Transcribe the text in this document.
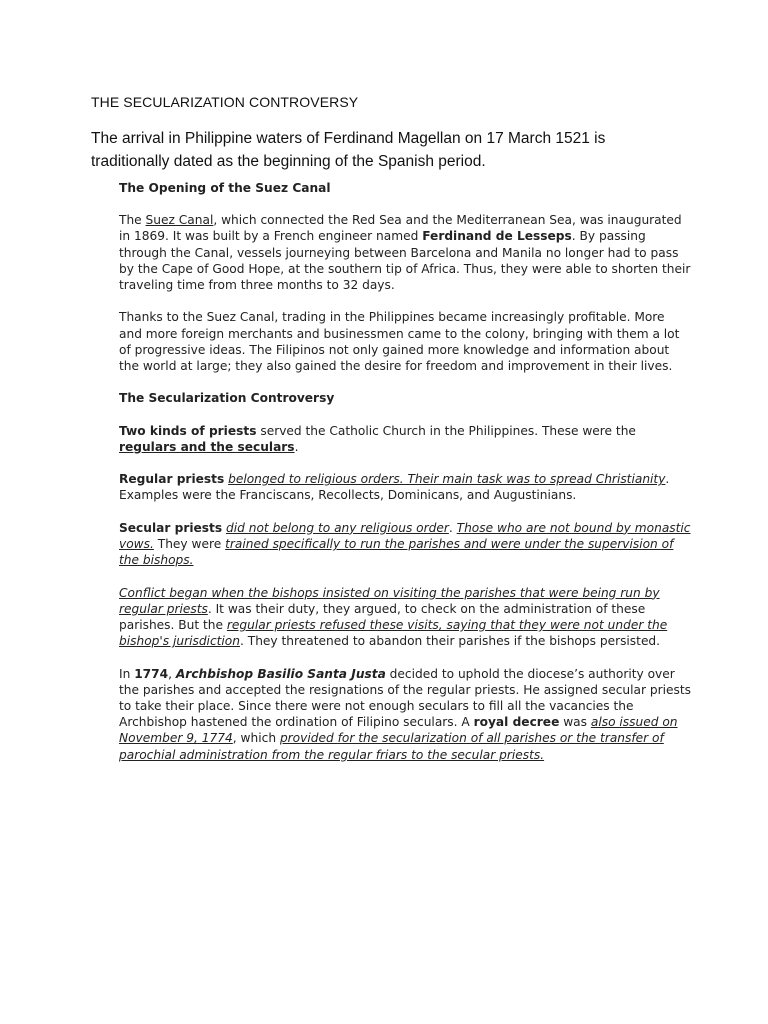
THE SECULARIZATION CONTROVERSY
The arrival in Philippine waters of Ferdinand Magellan on 17 March 1521 is traditionally dated as the beginning of the Spanish period.

The Opening of the Suez Canal

The Suez Canal, which connected the Red Sea and the Mediterranean Sea, was inaugurated in 1869. It was built by a French engineer named Ferdinand de Lesseps. By passing through the Canal, vessels journeying between Barcelona and Manila no longer had to pass by the Cape of Good Hope, at the southern tip of Africa. Thus, they were able to shorten their traveling time from three months to 32 days.

Thanks to the Suez Canal, trading in the Philippines became increasingly profitable. More and more foreign merchants and businessmen came to the colony, bringing with them a lot of progressive ideas. The Filipinos not only gained more knowledge and information about the world at large; they also gained the desire for freedom and improvement in their lives.

The Secularization Controversy

Two kinds of priests served the Catholic Church in the Philippines. These were the regulars and the seculars.

Regular priests belonged to religious orders. Their main task was to spread Christianity. Examples were the Franciscans, Recollects, Dominicans, and Augustinians.

Secular priests did not belong to any religious order. Those who are not bound by monastic vows. They were trained specifically to run the parishes and were under the supervision of the bishops.

Conflict began when the bishops insisted on visiting the parishes that were being run by regular priests. It was their duty, they argued, to check on the administration of these parishes. But the regular priests refused these visits, saying that they were not under the bishop's jurisdiction. They threatened to abandon their parishes if the bishops persisted.

In 1774, Archbishop Basilio Santa Justa decided to uphold the diocese’s authority over the parishes and accepted the resignations of the regular priests. He assigned secular priests to take their place. Since there were not enough seculars to fill all the vacancies the Archbishop hastened the ordination of Filipino seculars. A royal decree was also issued on November 9, 1774, which provided for the secularization of all parishes or the transfer of parochial administration from the regular friars to the secular priests.
